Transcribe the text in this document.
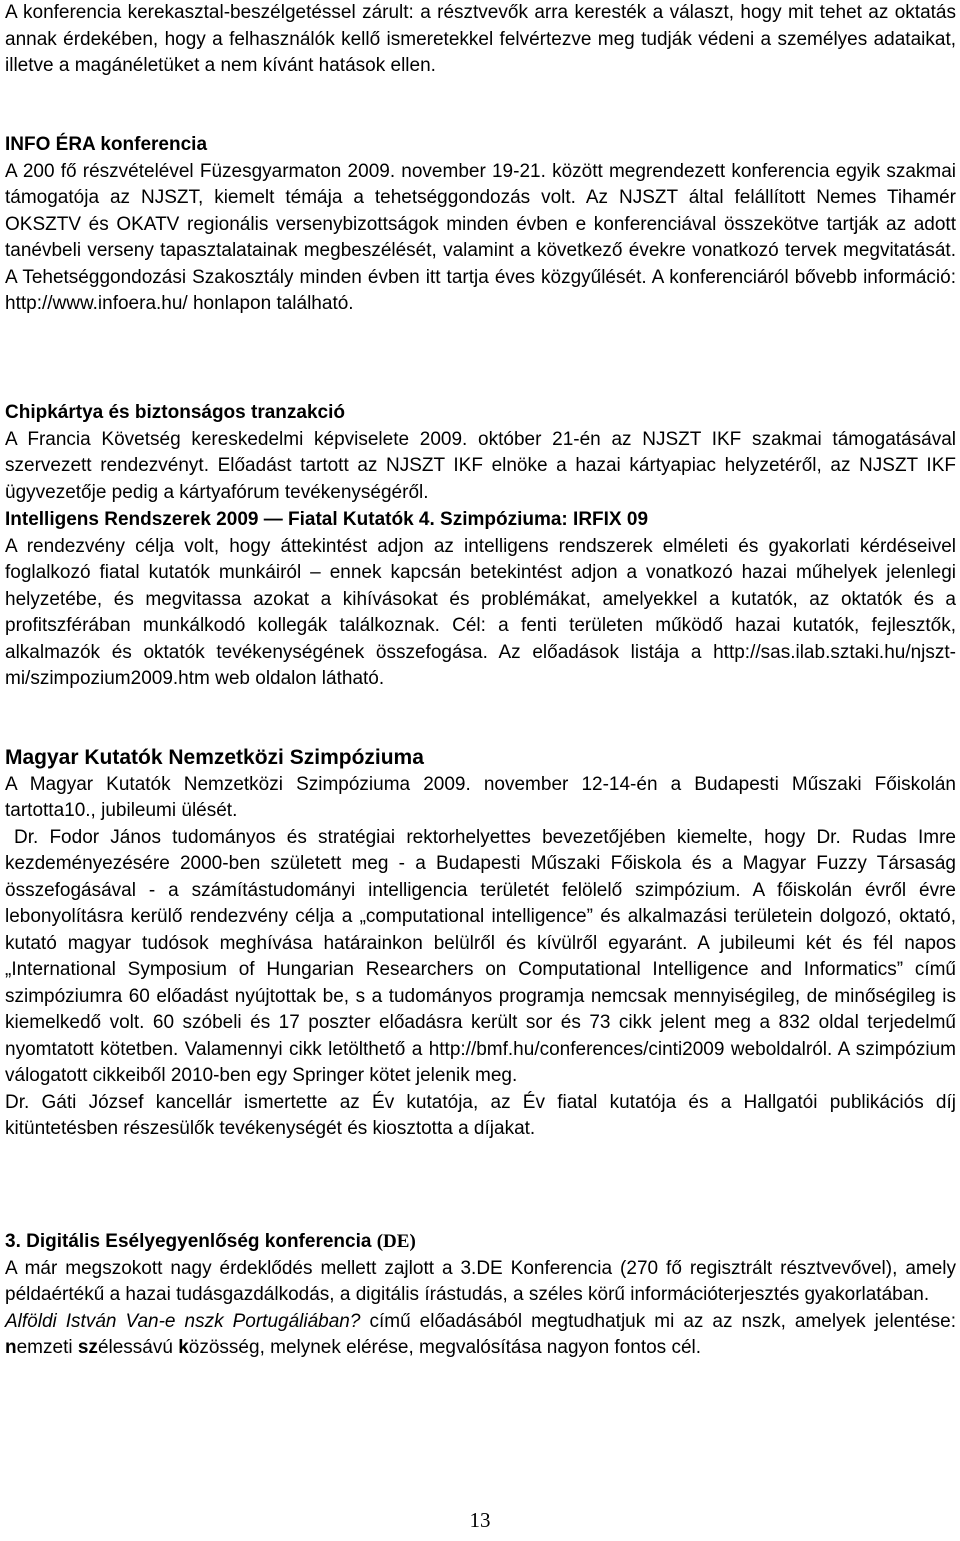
A konferencia kerekasztal-beszélgetéssel zárult: a résztvevők arra keresték a választ, hogy mit tehet az oktatás annak érdekében, hogy a felhasználók kellő ismeretekkel felvértezve meg tudják védeni a személyes adataikat, illetve a magánéletüket a nem kívánt hatások ellen.

INFO ÉRA konferencia

A 200 fő részvételével Füzesgyarmaton 2009. november 19-21. között megrendezett konferencia egyik szakmai támogatója az NJSZT, kiemelt témája a tehetséggondozás volt. Az NJSZT által felállított Nemes Tihamér OKSZTV és OKATV regionális versenybizottságok minden évben e konferenciával összekötve tartják az adott tanévbeli verseny tapasztalatainak megbeszélését, valamint a következő évekre vonatkozó tervek megvitatását. A Tehetséggondozási Szakosztály minden évben itt tartja éves közgyűlését. A konferenciáról bővebb információ: http://www.infoera.hu/ honlapon található.

Chipkártya és biztonságos tranzakció

A Francia Követség kereskedelmi képviselete 2009. október 21-én az NJSZT IKF szakmai támogatásával szervezett rendezvényt. Előadást tartott az NJSZT IKF elnöke a hazai kártyapiac helyzetéről, az NJSZT IKF ügyvezetője pedig a kártyafórum tevékenységéről.

Intelligens Rendszerek 2009 — Fiatal Kutatók 4. Szimpóziuma: IRFIX 09

A rendezvény célja volt, hogy áttekintést adjon az intelligens rendszerek elméleti és gyakorlati kérdéseivel foglalkozó fiatal kutatók munkáiról – ennek kapcsán betekintést adjon a vonatkozó hazai műhelyek jelenlegi helyzetébe, és megvitassa azokat a kihívásokat és problémákat, amelyekkel a kutatók, az oktatók és a profitszférában munkálkodó kollegák találkoznak. Cél: a fenti területen működő hazai kutatók, fejlesztők, alkalmazók és oktatók tevékenységének összefogása. Az előadások listája a http://sas.ilab.sztaki.hu/njszt-mi/szimpozium2009.htm web oldalon látható.

Magyar Kutatók Nemzetközi Szimpóziuma

A Magyar Kutatók Nemzetközi Szimpóziuma 2009. november 12-14-én a Budapesti Műszaki Főiskolán tartotta10., jubileumi ülését.

Dr. Fodor János tudományos és stratégiai rektorhelyettes bevezetőjében kiemelte, hogy Dr. Rudas Imre kezdeményezésére 2000-ben született meg - a Budapesti Műszaki Főiskola és a Magyar Fuzzy Társaság összefogásával - a számítástudományi intelligencia területét felölelő szimpózium. A főiskolán évről évre lebonyolításra kerülő rendezvény célja a „computational intelligence” és alkalmazási területein dolgozó, oktató, kutató magyar tudósok meghívása határainkon belülről és kívülről egyaránt. A jubileumi két és fél napos „International Symposium of Hungarian Researchers on Computational Intelligence and Informatics” című szimpóziumra 60 előadást nyújtottak be, s a tudományos programja nemcsak mennyiségileg, de minőségileg is kiemelkedő volt. 60 szóbeli és 17 poszter előadásra került sor és 73 cikk jelent meg a 832 oldal terjedelmű nyomtatott kötetben. Valamennyi cikk letölthető a http://bmf.hu/conferences/cinti2009 weboldalról. A szimpózium válogatott cikkeiből 2010-ben egy Springer kötet jelenik meg.

Dr. Gáti József kancellár ismertette az Év kutatója, az Év fiatal kutatója és a Hallgatói publikációs díj kitüntetésben részesülők tevékenységét és kiosztotta a díjakat.

3. Digitális Esélyegyenlőség konferencia (DE)

A már megszokott nagy érdeklődés mellett zajlott a 3.DE Konferencia (270 fő regisztrált résztvevővel), amely példaértékű a hazai tudásgazdálkodás, a digitális írástudás, a széles körű információterjesztés gyakorlatában.

Alföldi István Van-e nszk Portugáliában? című előadásából megtudhatjuk mi az az nszk, amelyek jelentése: nemzeti szélessávú közösség, melynek elérése, megvalósítása nagyon fontos cél.

13
